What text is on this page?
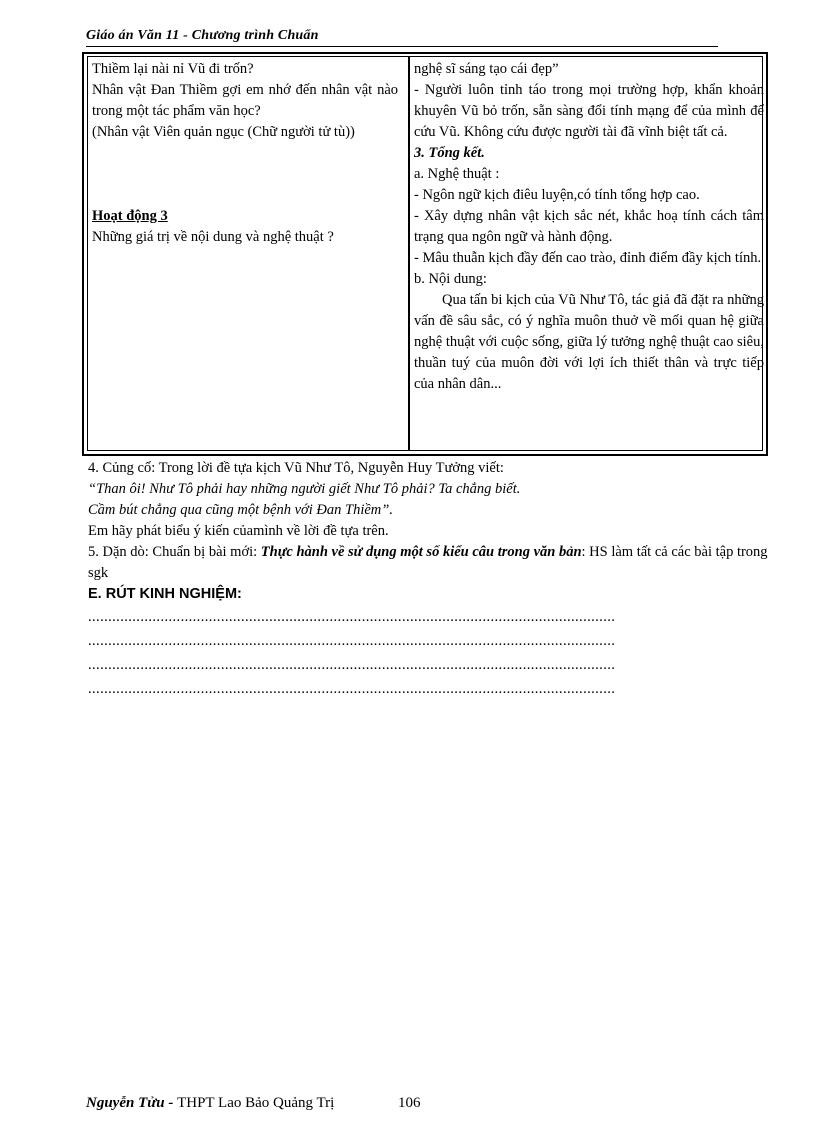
Giáo án Văn 11 - Chương trình Chuẩn
Thiềm lại nài nỉ Vũ đi trốn?
Nhân vật Đan Thiềm gợi em nhớ đến nhân vật nào trong một tác phẩm văn học?
(Nhân vật Viên quản ngục (Chữ người tử tù))
Hoạt động 3
Những giá trị về nội dung và nghệ thuật ?
nghệ sĩ sáng tạo cái đẹp”
- Người luôn tỉnh táo trong mọi trường hợp, khẩn khoản khuyên Vũ bỏ trốn, sẵn sàng đổi tính mạng để của mình để cứu Vũ. Không cứu được người tài đã vĩnh biệt tất cả.
3. Tổng kết.
a. Nghệ thuật :
- Ngôn ngữ kịch điêu luyện,có tính tổng hợp cao.
- Xây dựng nhân vật kịch sắc nét, khắc hoạ tính cách tâm trạng qua ngôn ngữ và hành động.
- Mâu thuẫn kịch đầy đến cao trào, đỉnh điểm đầy kịch tính.
b. Nội dung:
Qua tấn bi kịch của Vũ Như Tô, tác giả đã đặt ra những vấn đề sâu sắc, có ý nghĩa muôn thuở về mối quan hệ giữa nghệ thuật với cuộc sống, giữa lý tưởng nghệ thuật cao siêu, thuần tuý của muôn đời với lợi ích thiết thân và trực tiếp của nhân dân...
4. Củng cố: Trong lời đề tựa kịch Vũ Như Tô, Nguyễn Huy Tưởng viết:
“Than ôi! Như Tô phải hay những người giết Như Tô phải? Ta chẳng biết.
Cầm bút chẳng qua cũng một bệnh với Đan Thiềm”.
Em hãy phát biểu ý kiến củamình về lời đề tựa trên.
5. Dặn dò: Chuẩn bị bài mới: Thực hành về sử dụng một số kiểu câu trong văn bản: HS làm tất cả các bài tập trong sgk
E. RÚT KINH NGHIỆM:
...................................................................................................................................
...................................................................................................................................
...................................................................................................................................
...................................................................................................................................
Nguyễn Tửu - THPT Lao Bảo Quảng Trị	106
